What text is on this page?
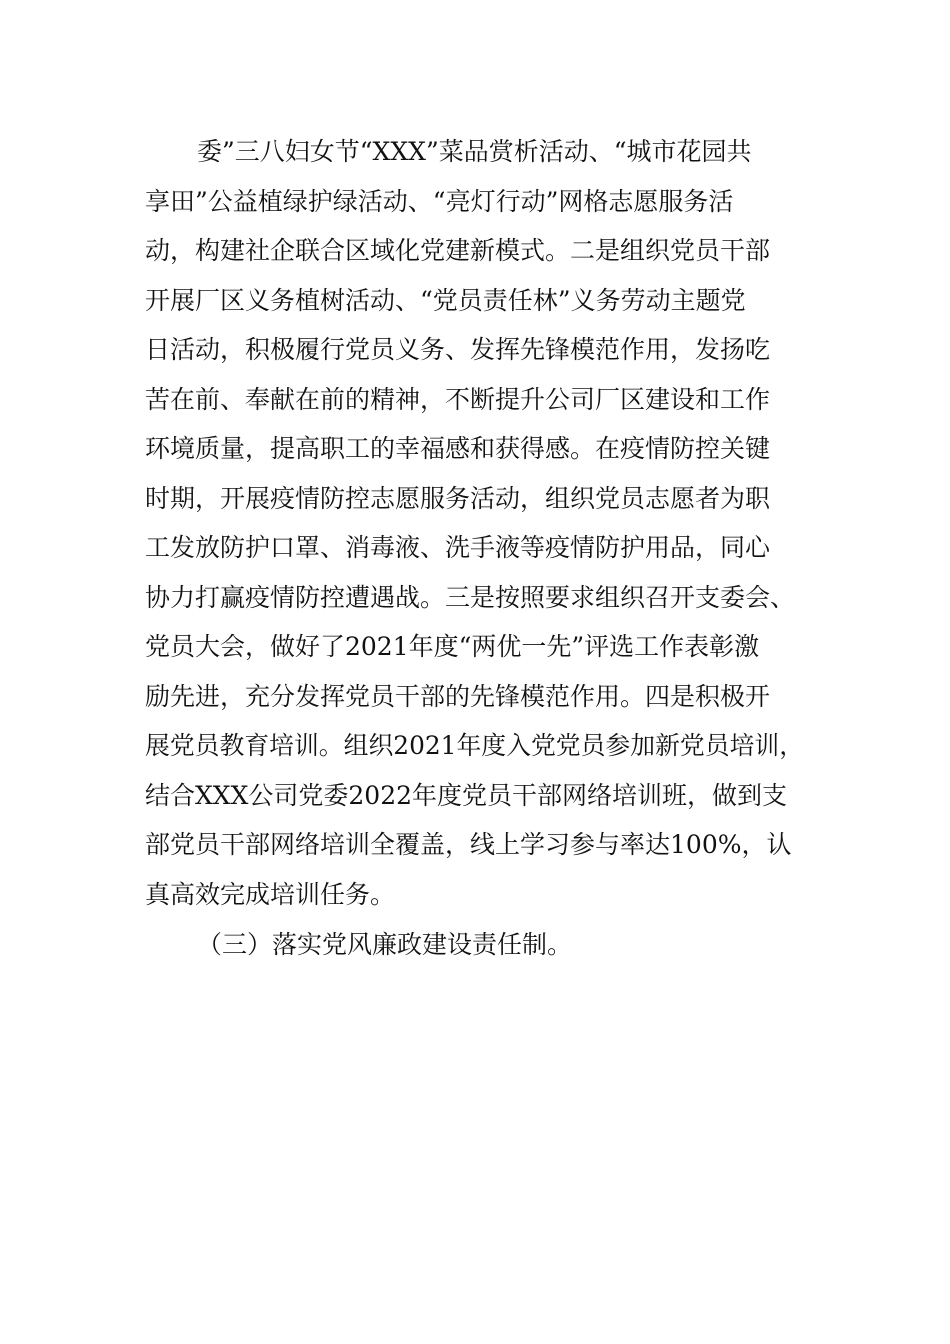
委”三八妇女节“XXX”菜品赏析活动、“城市花园共
享田”公益植绿护绿活动、“亮灯行动”网格志愿服务活
动，构建社企联合区域化党建新模式。二是组织党员干部
开展厂区义务植树活动、“党员责任林”义务劳动主题党
日活动，积极履行党员义务、发挥先锋模范作用，发扬吃
苦在前、奉献在前的精神，不断提升公司厂区建设和工作
环境质量，提高职工的幸福感和获得感。在疫情防控关键
时期，开展疫情防控志愿服务活动，组织党员志愿者为职
工发放防护口罩、消毒液、洗手液等疫情防护用品，同心
协力打赢疫情防控遭遇战。三是按照要求组织召开支委会、
党员大会，做好了2021年度“两优一先”评选工作表彰激
励先进，充分发挥党员干部的先锋模范作用。四是积极开
展党员教育培训。组织2021年度入党党员参加新党员培训，
结合XXX公司党委2022年度党员干部网络培训班，做到支
部党员干部网络培训全覆盖，线上学习参与率达100%，认
真高效完成培训任务。
（三）落实党风廉政建设责任制。
